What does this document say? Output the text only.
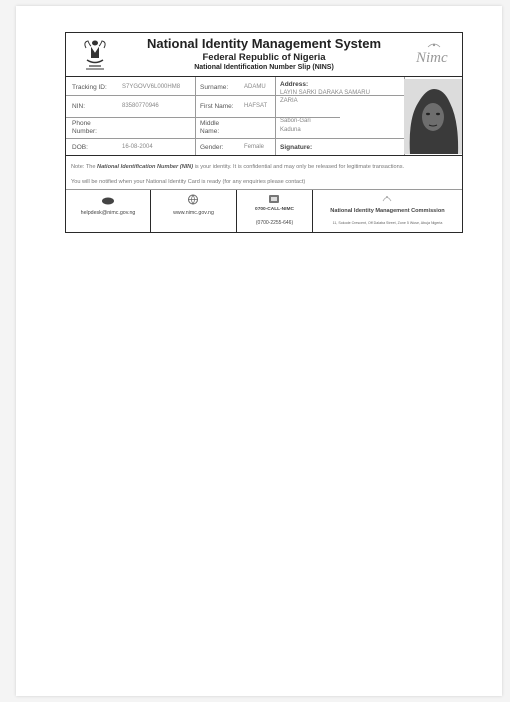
National Identity Management System
Federal Republic of Nigeria
National Identification Number Slip (NINS)
Nimc
Tracking ID:	S7YGOVV6L000HM8	Surname:	ADAMU Address:
LAYIN SARKI DARAKA SAMARU
ZARIA
Sabon-Gari
Kaduna
NIN:	83580770946	First Name: HAFSAT
Phone
Number:
Middle
Name:
DOB:	16-08-2004	Gender:	Female Signature:
Note: The National Identification Number (NIN) is your identity. It is confidential and may only be released for legitimate transactions.
You will be notified when your National Identity Card is ready (for any enquiries please contact)
helpdesk@nimc.gov.ng	www.nimc.gov.ng
0700-CALL-NIMC
(0700-2255-646)
National Identity Management Commission
11, Sokode Crescent, Off Dalaba Street, Zone 5 Wuse, Abuja Nigeria
